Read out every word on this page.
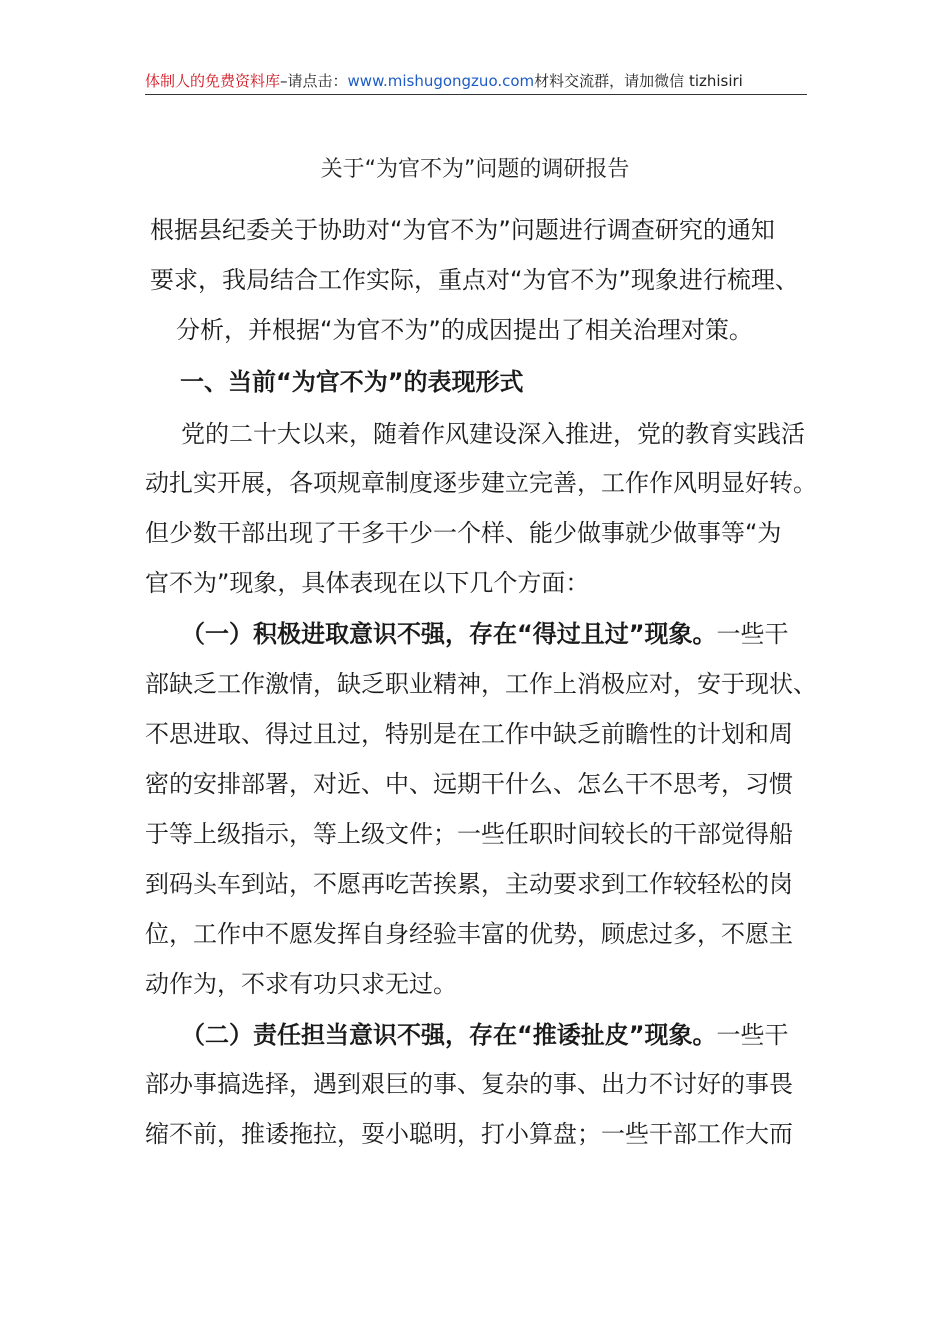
体制人的免费资料库–请点击：www.mishugongzuo.com材料交流群，请加微信 tizhisiri
关于“为官不为”问题的调研报告
根据县纪委关于协助对“为官不为”问题进行调查研究的通知
要求，我局结合工作实际，重点对“为官不为”现象进行梳理、
分析，并根据“为官不为”的成因提出了相关治理对策。
一、当前“为官不为”的表现形式
党的二十大以来，随着作风建设深入推进，党的教育实践活
动扎实开展，各项规章制度逐步建立完善，工作作风明显好转。
但少数干部出现了干多干少一个样、能少做事就少做事等“为
官不为”现象，具体表现在以下几个方面：
（一）积极进取意识不强，存在“得过且过”现象。一些干
部缺乏工作激情，缺乏职业精神，工作上消极应对，安于现状、
不思进取、得过且过，特别是在工作中缺乏前瞻性的计划和周
密的安排部署，对近、中、远期干什么、怎么干不思考，习惯
于等上级指示，等上级文件；一些任职时间较长的干部觉得船
到码头车到站，不愿再吃苦挨累，主动要求到工作较轻松的岗
位，工作中不愿发挥自身经验丰富的优势，顾虑过多，不愿主
动作为，不求有功只求无过。
（二）责任担当意识不强，存在“推诿扯皮”现象。一些干
部办事搞选择，遇到艰巨的事、复杂的事、出力不讨好的事畏
缩不前，推诿拖拉，耍小聪明，打小算盘；一些干部工作大而
